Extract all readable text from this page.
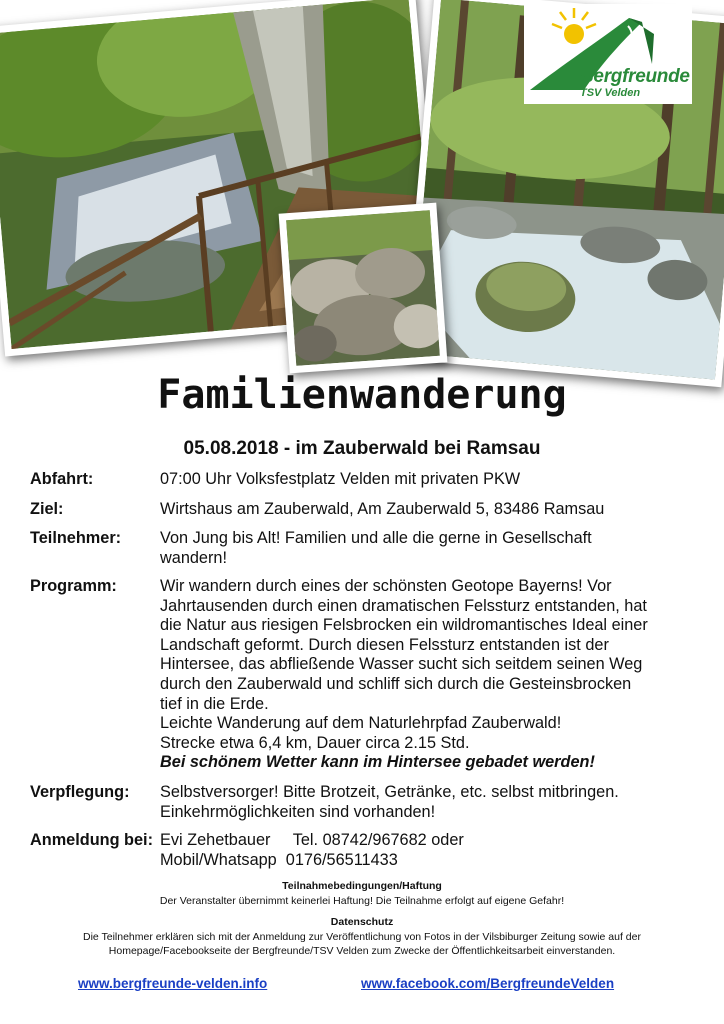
Bergfreunde
TSV Velden
Familienwanderung
05.08.2018 - im Zauberwald bei Ramsau
Abfahrt:	07:00 Uhr Volksfestplatz Velden mit privaten PKW
Ziel:	Wirtshaus am Zauberwald, Am Zauberwald 5, 83486 Ramsau
Teilnehmer: Von Jung bis Alt! Familien und alle die gerne in Gesellschaft
wandern!
Programm:	Wir wandern durch eines der schönsten Geotope Bayerns! Vor
Jahrtausenden durch einen dramatischen Felssturz entstanden, hat
die Natur aus riesigen Felsbrocken ein wildromantisches Ideal einer
Landschaft geformt. Durch diesen Felssturz entstanden ist der
Hintersee, das abfließende Wasser sucht sich seitdem seinen Weg
durch den Zauberwald und schliff sich durch die Gesteinsbrocken
tief in die Erde.
Leichte Wanderung auf dem Naturlehrpfad Zauberwald!
Strecke etwa 6,4 km, Dauer circa 2.15 Std.
Bei schönem Wetter kann im Hintersee gebadet werden!
Verpflegung: Selbstversorger! Bitte Brotzeit, Getränke, etc. selbst mitbringen.
Einkehrmöglichkeiten sind vorhanden!
Anmeldung bei: Evi Zehetbauer     Tel. 08742/967682 oder
Mobil/Whatsapp  0176/56511433
Teilnahmebedingungen/Haftung
Der Veranstalter übernimmt keinerlei Haftung! Die Teilnahme erfolgt auf eigene Gefahr!
Datenschutz
Die Teilnehmer erklären sich mit der Anmeldung zur Veröffentlichung von Fotos in der Vilsbiburger Zeitung sowie auf der
Homepage/Facebookseite der Bergfreunde/TSV Velden zum Zwecke der Öffentlichkeitsarbeit einverstanden.
www.bergfreunde-velden.info	www.facebook.com/BergfreundeVelden
